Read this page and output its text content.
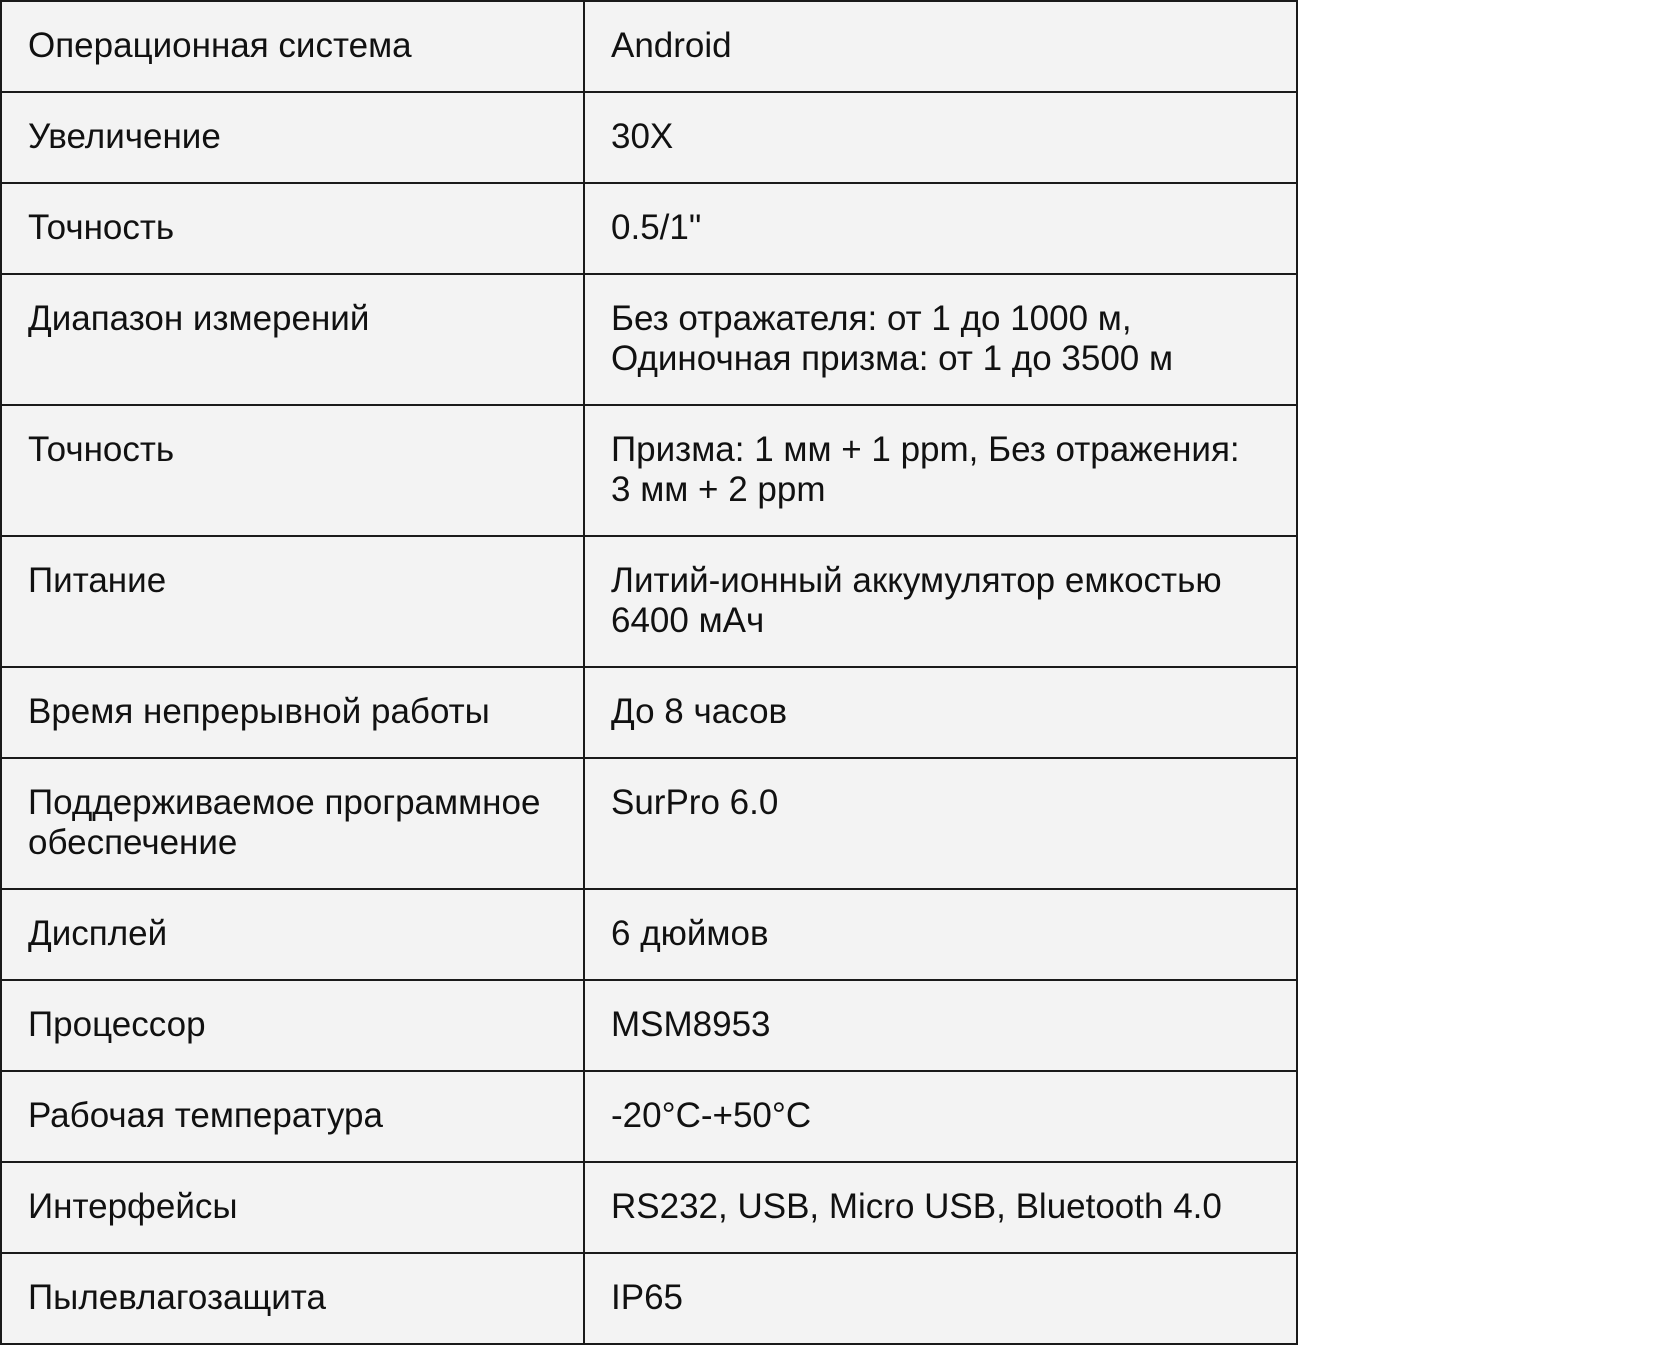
Операционная система	Android

Увеличение	30X

Точность	0.5/1"

Диапазон измерений	Без отражателя: от 1 до 1000 м,
Одиночная призма: от 1 до 3500 м

Точность	Призма: 1 мм + 1 ppm, Без отражения:
3 мм + 2 ppm

Питание	Литий-ионный аккумулятор емкостью
6400 мАч

Время непрерывной работы	До 8 часов

Поддерживаемое программное
обеспечение	SurPro 6.0

Дисплей	6 дюймов

Процессор	MSM8953

Рабочая температура	-20°C-+50°C

Интерфейсы	RS232, USB, Micro USB, Bluetooth 4.0

Пылевлагозащита	IP65
